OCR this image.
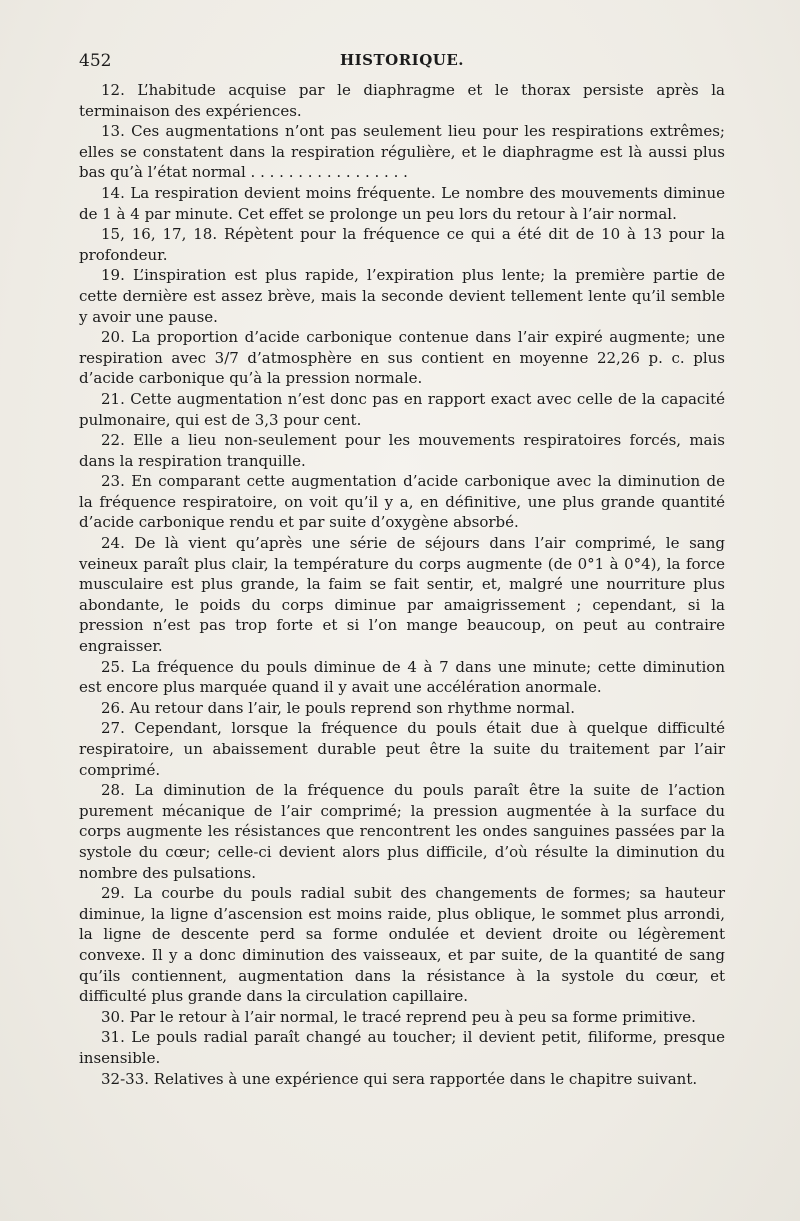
452	HISTORIQUE.

12. L’habitude acquise par le diaphragme et le thorax persiste après la terminaison des expériences.

13. Ces augmentations n’ont pas seulement lieu pour les respirations extrêmes; elles se constatent dans la respiration régulière, et le diaphragme est là aussi plus bas qu’à l’état normal . . . . . . . . . . . . . . . . .

14. La respiration devient moins fréquente. Le nombre des mouvements diminue de 1 à 4 par minute. Cet effet se prolonge un peu lors du retour à l’air normal.

15, 16, 17, 18. Répètent pour la fréquence ce qui a été dit de 10 à 13 pour la profondeur.

19. L’inspiration est plus rapide, l’expiration plus lente; la première partie de cette dernière est assez brève, mais la seconde devient tellement lente qu’il semble y avoir une pause.

20. La proportion d’acide carbonique contenue dans l’air expiré augmente; une respiration avec 3/7 d’atmosphère en sus contient en moyenne 22,26 p. c. plus d’acide carbonique qu’à la pression normale.

21. Cette augmentation n’est donc pas en rapport exact avec celle de la capacité pulmonaire, qui est de 3,3 pour cent.

22. Elle a lieu non-seulement pour les mouvements respiratoires forcés, mais dans la respiration tranquille.

23. En comparant cette augmentation d’acide carbonique avec la diminution de la fréquence respiratoire, on voit qu’il y a, en définitive, une plus grande quantité d’acide carbonique rendu et par suite d’oxygène absorbé.

24. De là vient qu’après une série de séjours dans l’air comprimé, le sang veineux paraît plus clair, la température du corps augmente (de 0°1 à 0°4), la force musculaire est plus grande, la faim se fait sentir, et, malgré une nourriture plus abondante, le poids du corps diminue par amaigrissement ; cependant, si la pression n’est pas trop forte et si l’on mange beaucoup, on peut au contraire engraisser.

25. La fréquence du pouls diminue de 4 à 7 dans une minute; cette diminution est encore plus marquée quand il y avait une accélération anormale.

26. Au retour dans l’air, le pouls reprend son rhythme normal.

27. Cependant, lorsque la fréquence du pouls était due à quelque difficulté respiratoire, un abaissement durable peut être la suite du traitement par l’air comprimé.

28. La diminution de la fréquence du pouls paraît être la suite de l’action purement mécanique de l’air comprimé; la pression augmentée à la surface du corps augmente les résistances que rencontrent les ondes sanguines passées par la systole du cœur; celle-ci devient alors plus difficile, d’où résulte la diminution du nombre des pulsations.

29. La courbe du pouls radial subit des changements de formes; sa hauteur diminue, la ligne d’ascension est moins raide, plus oblique, le sommet plus arrondi, la ligne de descente perd sa forme ondulée et devient droite ou légèrement convexe. Il y a donc diminution des vaisseaux, et par suite, de la quantité de sang qu’ils contiennent, augmentation dans la résistance à la systole du cœur, et difficulté plus grande dans la circulation capillaire.

30. Par le retour à l’air normal, le tracé reprend peu à peu sa forme primitive.

31. Le pouls radial paraît changé au toucher; il devient petit, filiforme, presque insensible.

32-33. Relatives à une expérience qui sera rapportée dans le chapitre suivant.
